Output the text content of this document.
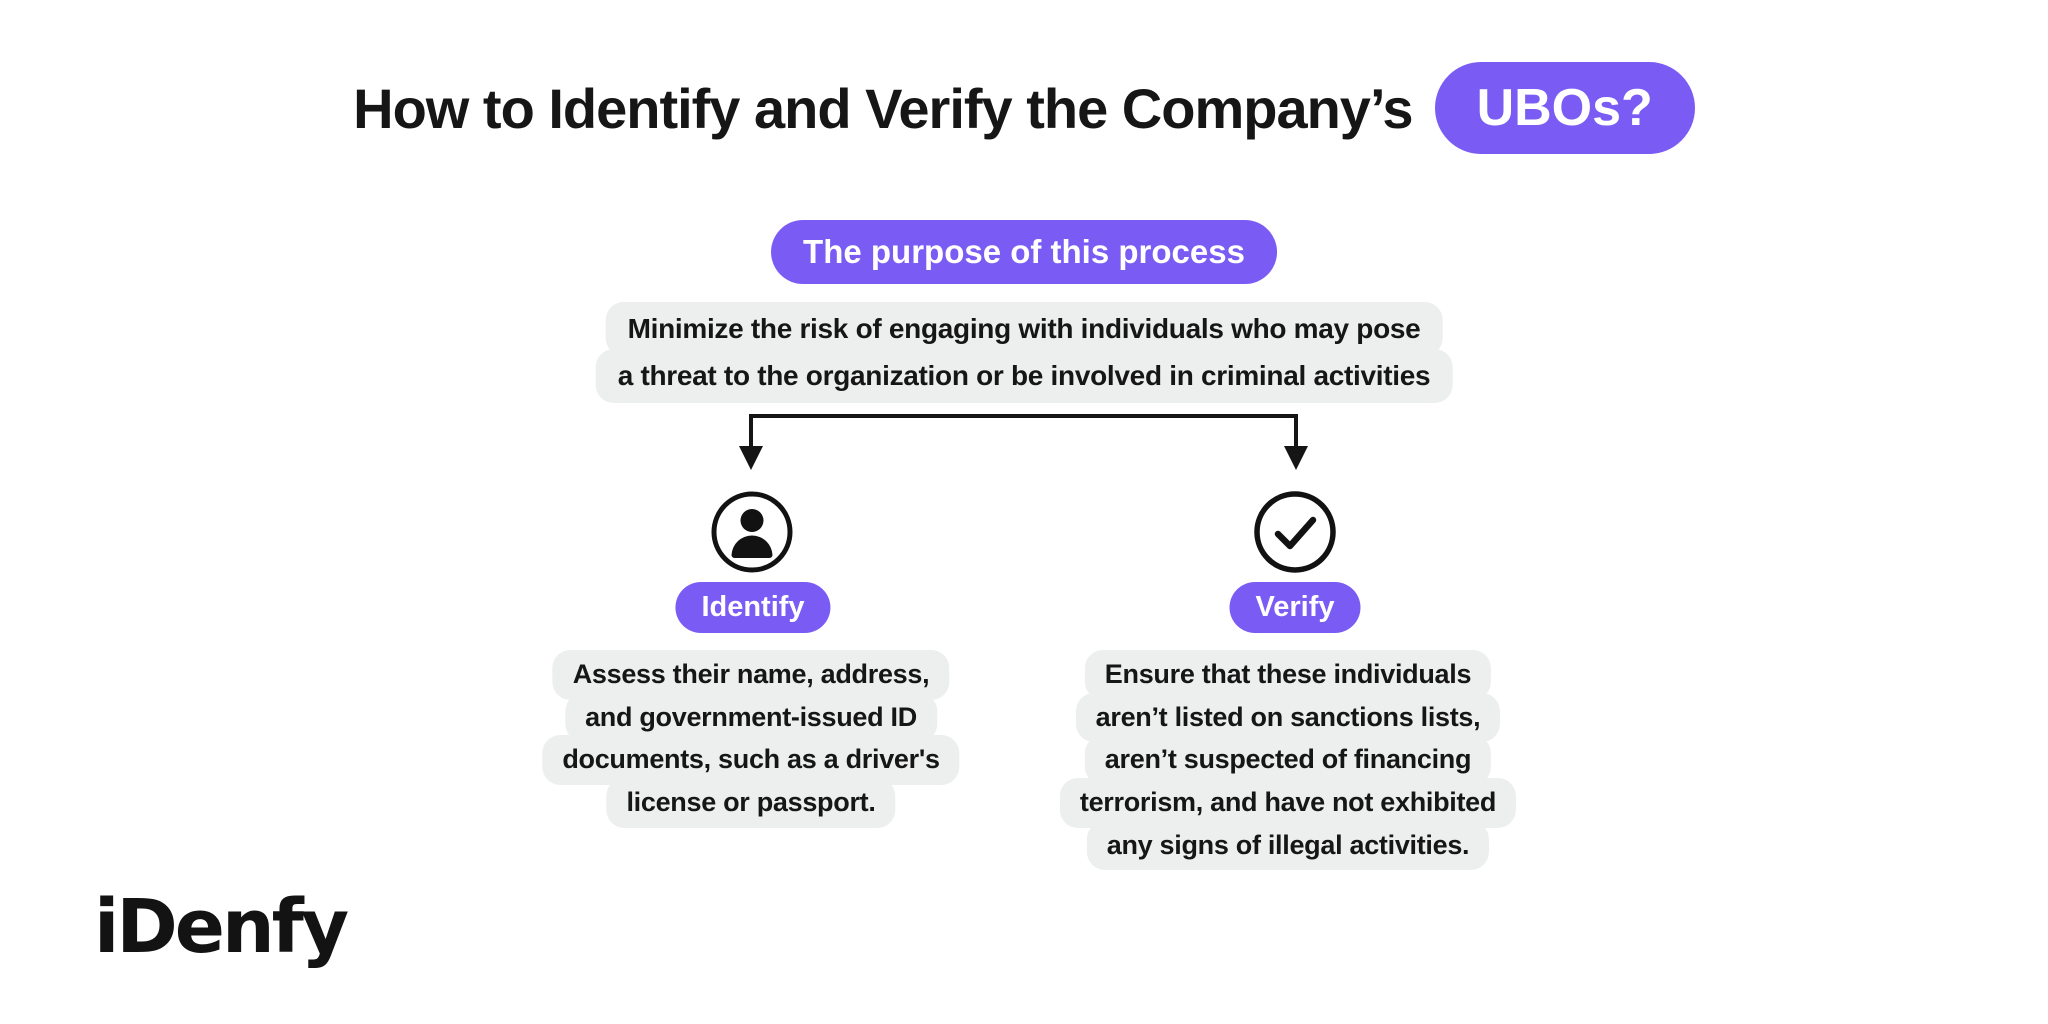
How to Identify and Verify the Company’s	UBOs?
The purpose of this process
Minimize the risk of engaging with individuals who may pose
a threat to the organization or be involved in criminal activities
Identify	Verify
Assess their name, address,
and government-issued ID
documents, such as a driver's
license or passport.
Ensure that these individuals
aren’t listed on sanctions lists,
aren’t suspected of financing
terrorism, and have not exhibited
any signs of illegal activities.
iDenfy
